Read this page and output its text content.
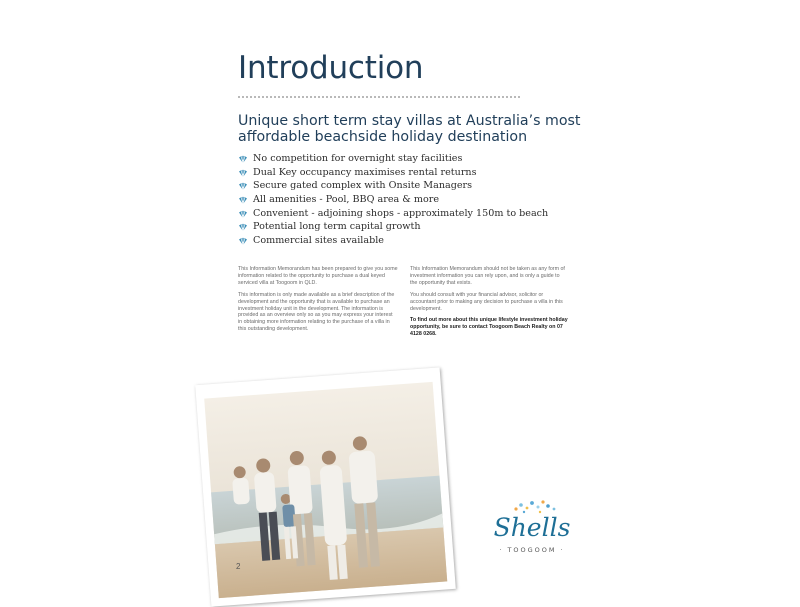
Introduction
Unique short term stay villas at Australia’s most
affordable beachside holiday destination
No competition for overnight stay facilities
Dual Key occupancy maximises rental returns
Secure gated complex with Onsite Managers
All amenities - Pool, BBQ area & more
Convenient - adjoining shops - approximately 150m to beach
Potential long term capital growth
Commercial sites available

This Information Memorandum has been prepared to give you some information related to the opportunity to purchase a dual keyed serviced villa at Toogoom in QLD.

This information is only made available as a brief description of the development and the opportunity that is available to purchase an investment holiday unit in the development. The information is provided as an overview only so as you may express your interest in obtaining more information relating to the purchase of a villa in this outstanding development.

This Information Memorandum should not be taken as any form of investment information you can rely upon, and is only a guide to the opportunity that exists.

You should consult with your financial advisor, solicitor or accountant prior to making any decision to purchase a villa in this development.

To find out more about this unique lifestyle investment holiday opportunity, be sure to contact Toogoom Beach Realty on 07 4128 0268.

2
Shells
· TOOGOOM ·
